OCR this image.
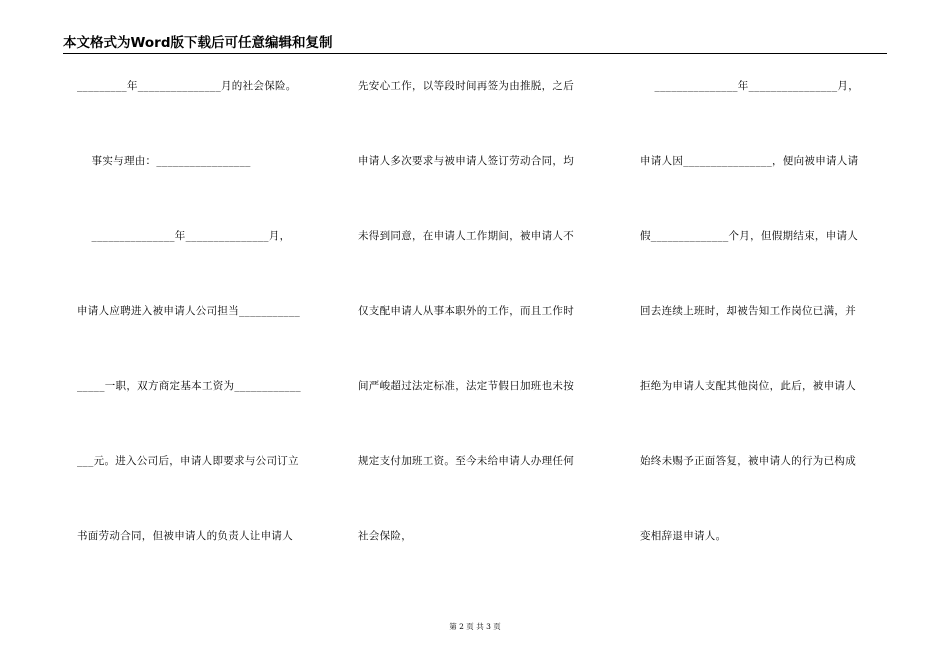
本文格式为Word版下载后可任意编辑和复制
_________年_______________月的社会保险。
事实与理由：_________________
_______________年_______________月，
申请人应聘进入被申请人公司担当___________
_____一职，双方商定基本工资为____________
___元。进入公司后，申请人即要求与公司订立
书面劳动合同，但被申请人的负责人让申请人
先安心工作，以等段时间再签为由推脱，之后
申请人多次要求与被申请人签订劳动合同，均
未得到同意，在申请人工作期间，被申请人不
仅支配申请人从事本职外的工作，而且工作时
间严峻超过法定标准，法定节假日加班也未按
规定支付加班工资。至今未给申请人办理任何
社会保险，
_______________年________________月，
申请人因________________，便向被申请人请
假______________个月，但假期结束，申请人
回去连续上班时，却被告知工作岗位已满，并
拒绝为申请人支配其他岗位，此后，被申请人
始终未赐予正面答复，被申请人的行为已构成
变相辞退申请人。
第 2 页 共 3 页
